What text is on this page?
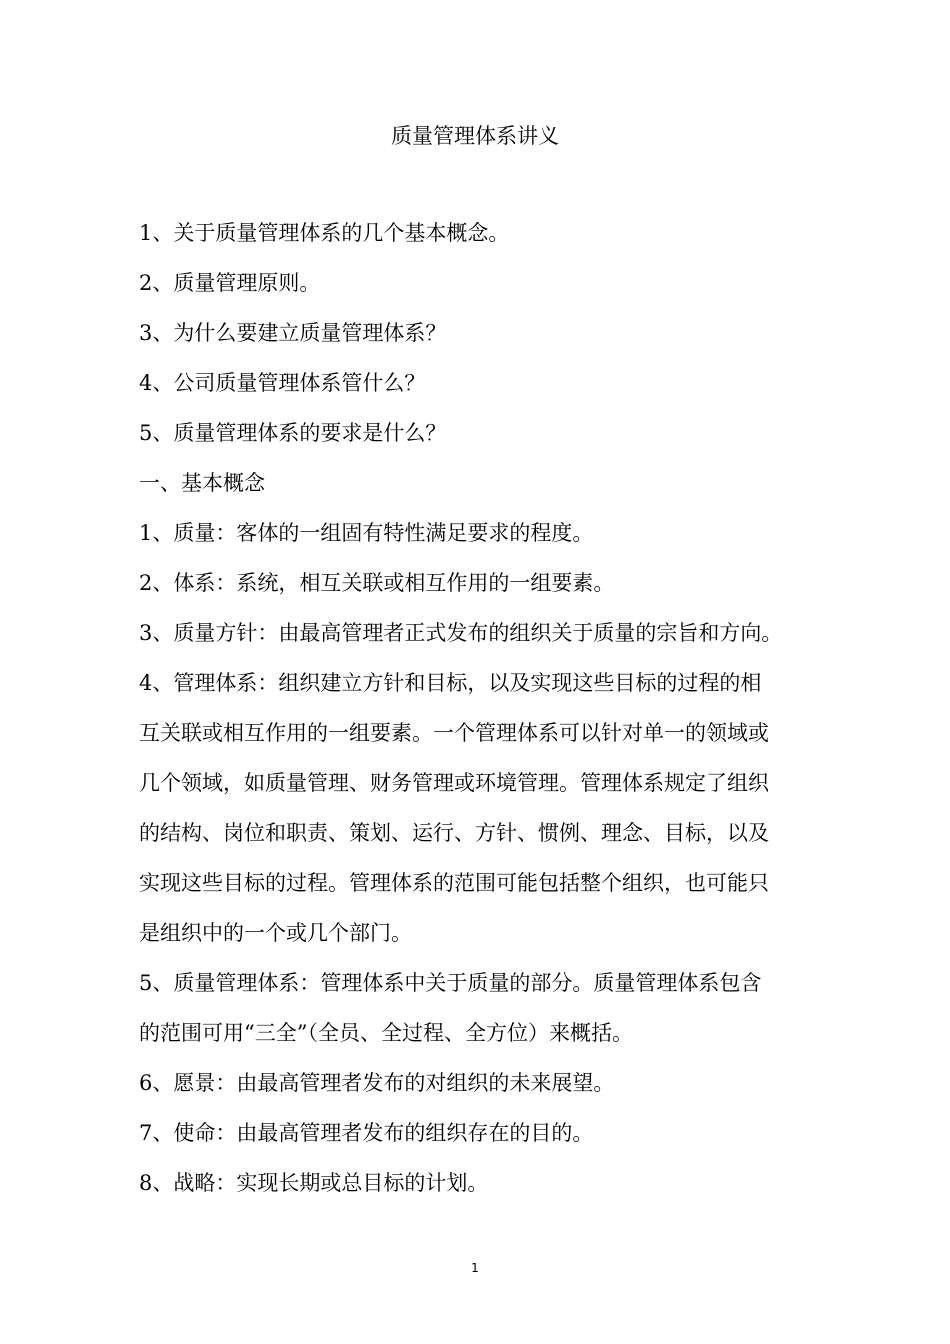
质量管理体系讲义

1、关于质量管理体系的几个基本概念。

2、质量管理原则。

3、为什么要建立质量管理体系？

4、公司质量管理体系管什么？

5、质量管理体系的要求是什么？

一、基本概念

1、质量：客体的一组固有特性满足要求的程度。

2、体系：系统，相互关联或相互作用的一组要素。

3、质量方针：由最高管理者正式发布的组织关于质量的宗旨和方向。

4、管理体系：组织建立方针和目标，以及实现这些目标的过程的相

互关联或相互作用的一组要素。一个管理体系可以针对单一的领域或

几个领域，如质量管理、财务管理或环境管理。管理体系规定了组织

的结构、岗位和职责、策划、运行、方针、惯例、理念、目标，以及

实现这些目标的过程。管理体系的范围可能包括整个组织，也可能只

是组织中的一个或几个部门。

5、质量管理体系：管理体系中关于质量的部分。质量管理体系包含

的范围可用“三全”（全员、全过程、全方位）来概括。

6、愿景：由最高管理者发布的对组织的未来展望。

7、使命：由最高管理者发布的组织存在的目的。

8、战略：实现长期或总目标的计划。

1
